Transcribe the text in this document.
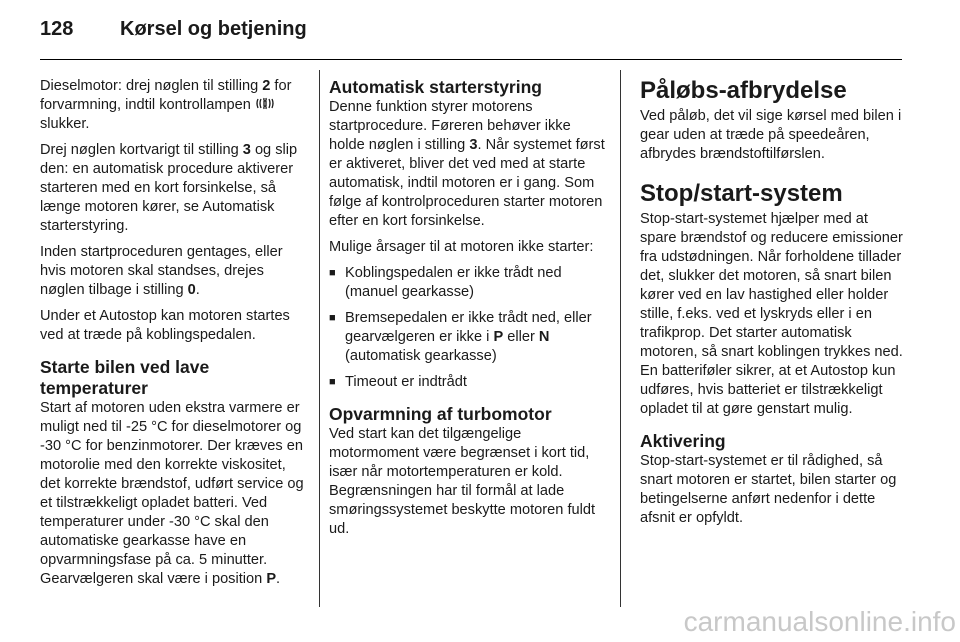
128 Kørsel og betjening

Dieselmotor: drej nøglen til stilling 2 for forvarmning, indtil kontrollampen  slukker.

Drej nøglen kortvarigt til stilling 3 og slip den: en automatisk procedure aktiverer starteren med en kort forsinkelse, så længe motoren kører, se Automatisk starterstyring.

Inden startproceduren gentages, eller hvis motoren skal standses, drejes nøglen tilbage i stilling 0.

Under et Autostop kan motoren startes ved at træde på koblingspedalen.

Starte bilen ved lave temperaturer

Start af motoren uden ekstra varmere er muligt ned til -25 °C for dieselmotorer og -30 °C for benzinmotorer. Der kræves en motorolie med den korrekte viskositet, det korrekte brændstof, udført service og et tilstrækkeligt opladet batteri. Ved temperaturer under -30 °C skal den automatiske gearkasse have en opvarmningsfase på ca. 5 minutter. Gearvælgeren skal være i position P.

Automatisk starterstyring

Denne funktion styrer motorens startprocedure. Føreren behøver ikke holde nøglen i stilling 3. Når systemet først er aktiveret, bliver det ved med at starte automatisk, indtil motoren er i gang. Som følge af kontrolproceduren starter motoren efter en kort forsinkelse.

Mulige årsager til at motoren ikke starter:

■ Koblingspedalen er ikke trådt ned (manuel gearkasse)
■ Bremsepedalen er ikke trådt ned, eller gearvælgeren er ikke i P eller N (automatisk gearkasse)
■ Timeout er indtrådt
Opvarmning af turbomotor

Ved start kan det tilgængelige motormoment være begrænset i kort tid, især når motortemperaturen er kold. Begrænsningen har til formål at lade smøringssystemet beskytte motoren fuldt ud.

Påløbs-afbrydelse

Ved påløb, det vil sige kørsel med bilen i gear uden at træde på speedeåren, afbrydes brændstoftilførslen.

Stop/start-system

Stop-start-systemet hjælper med at spare brændstof og reducere emissioner fra udstødningen. Når forholdene tillader det, slukker det motoren, så snart bilen kører ved en lav hastighed eller holder stille, f.eks. ved et lyskryds eller i en trafikprop. Det starter automatisk motoren, så snart koblingen trykkes ned. En batteriføler sikrer, at et Autostop kun udføres, hvis batteriet er tilstrækkeligt opladet til at gøre genstart mulig.

Aktivering

Stop-start-systemet er til rådighed, så snart motoren er startet, bilen starter og betingelserne anført nedenfor i dette afsnit er opfyldt.

carmanualsonline.info
